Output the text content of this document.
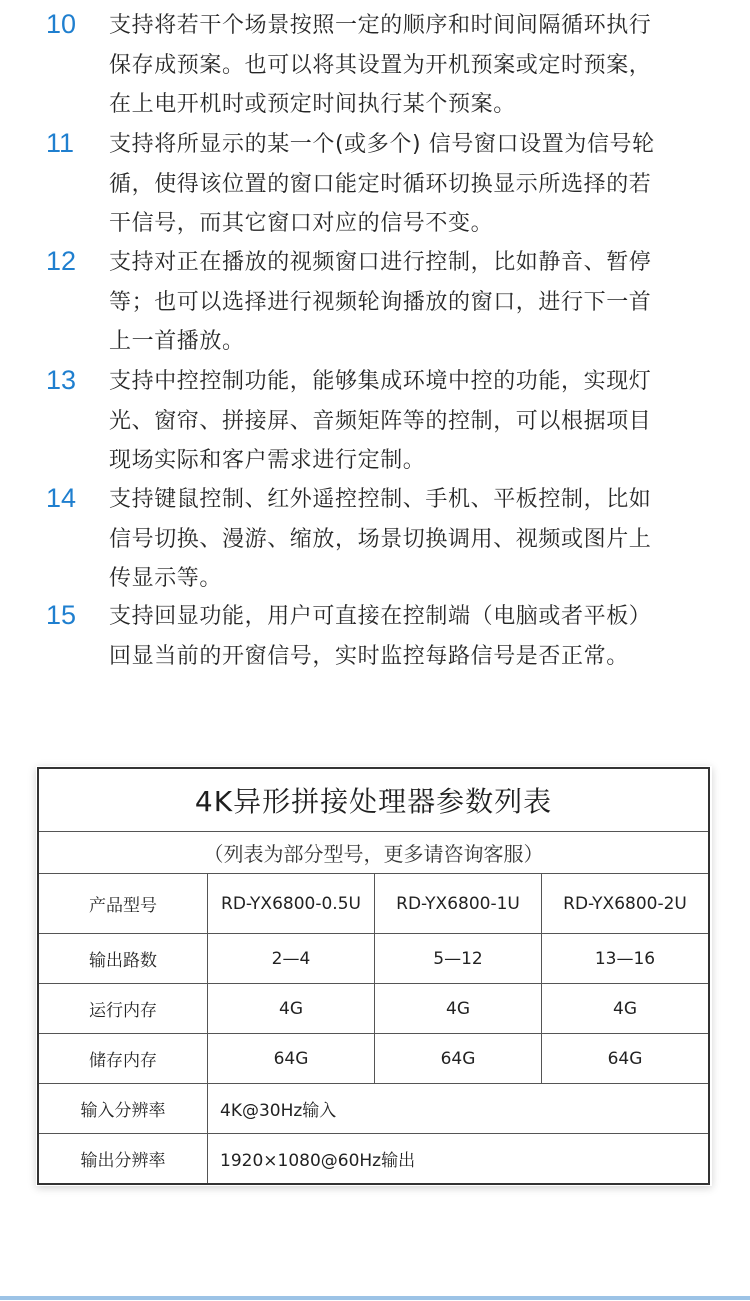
10 支持将若干个场景按照一定的顺序和时间间隔循环执行
保存成预案。也可以将其设置为开机预案或定时预案，
在上电开机时或预定时间执行某个预案。
11 支持将所显示的某一个(或多个) 信号窗口设置为信号轮
循，使得该位置的窗口能定时循环切换显示所选择的若
干信号，而其它窗口对应的信号不变。
12 支持对正在播放的视频窗口进行控制，比如静音、暂停
等；也可以选择进行视频轮询播放的窗口，进行下一首
上一首播放。
13 支持中控控制功能，能够集成环境中控的功能，实现灯
光、窗帘、拼接屏、音频矩阵等的控制，可以根据项目
现场实际和客户需求进行定制。
14 支持键鼠控制、红外遥控控制、手机、平板控制，比如
信号切换、漫游、缩放，场景切换调用、视频或图片上
传显示等。
15 支持回显功能，用户可直接在控制端（电脑或者平板）
回显当前的开窗信号，实时监控每路信号是否正常。
4K异形拼接处理器参数列表			
（列表为部分型号，更多请咨询客服）			
产品型号	RD-YX6800-0.5U	RD-YX6800-1U	RD-YX6800-2U
输出路数	2—4	5—12	13—16
运行内存	4G	4G	4G
储存内存	64G	64G	64G
输入分辨率	4K@30Hz输入		
输出分辨率	1920×1080@60Hz输出		
